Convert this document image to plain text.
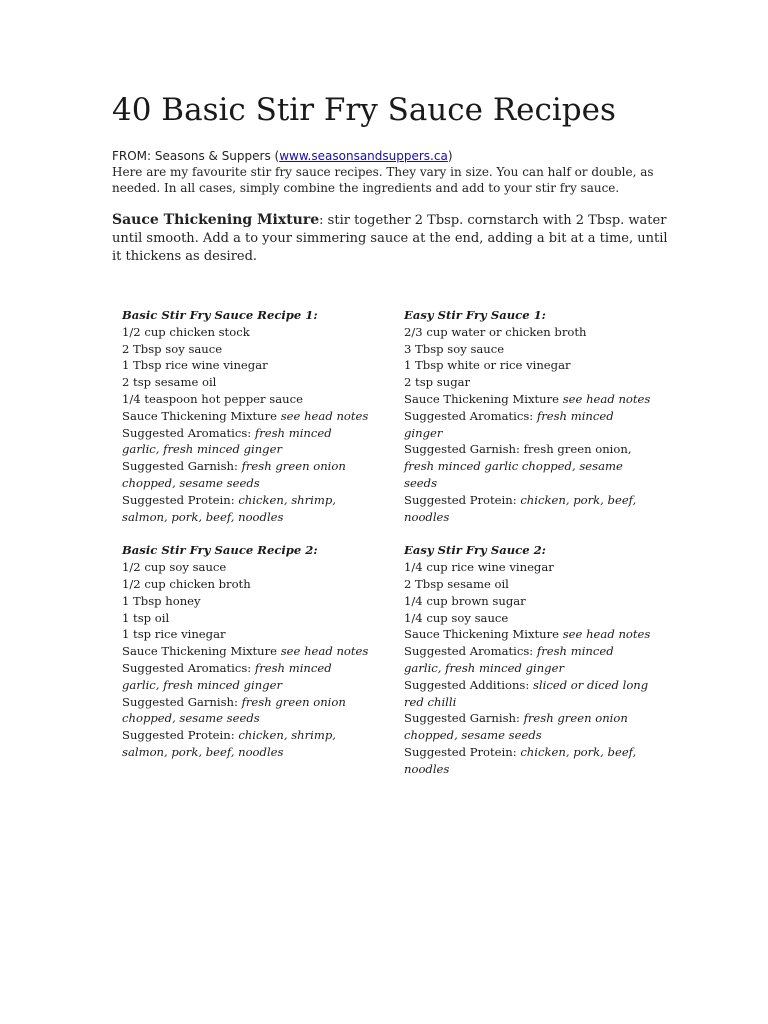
40 Basic Stir Fry Sauce Recipes
FROM: Seasons & Suppers (www.seasonsandsuppers.ca)
Here are my favourite stir fry sauce recipes. They vary in size. You can half or double, as needed. In all cases, simply combine the ingredients and add to your stir fry sauce.
Sauce Thickening Mixture: stir together 2 Tbsp. cornstarch with 2 Tbsp. water until smooth. Add a to your simmering sauce at the end, adding a bit at a time, until it thickens as desired.
Basic Stir Fry Sauce Recipe 1:
1/2 cup chicken stock
2 Tbsp soy sauce
1 Tbsp rice wine vinegar
2 tsp sesame oil
1/4 teaspoon hot pepper sauce
Sauce Thickening Mixture see head notes
Suggested Aromatics: fresh minced garlic, fresh minced ginger
Suggested Garnish: fresh green onion chopped, sesame seeds
Suggested Protein: chicken, shrimp, salmon, pork, beef, noodles
Basic Stir Fry Sauce Recipe 2:
1/2 cup soy sauce
1/2 cup chicken broth
1 Tbsp honey
1 tsp oil
1 tsp rice vinegar
Sauce Thickening Mixture see head notes
Suggested Aromatics: fresh minced garlic, fresh minced ginger
Suggested Garnish: fresh green onion chopped, sesame seeds
Suggested Protein: chicken, shrimp, salmon, pork, beef, noodles
Easy Stir Fry Sauce 1:
2/3 cup water or chicken broth
3 Tbsp soy sauce
1 Tbsp white or rice vinegar
2 tsp sugar
Sauce Thickening Mixture see head notes
Suggested Aromatics: fresh minced ginger
Suggested Garnish: fresh green onion, fresh minced garlic chopped, sesame seeds
Suggested Protein: chicken, pork, beef, noodles
Easy Stir Fry Sauce 2:
1/4 cup rice wine vinegar
2 Tbsp sesame oil
1/4 cup brown sugar
1/4 cup soy sauce
Sauce Thickening Mixture see head notes
Suggested Aromatics: fresh minced garlic, fresh minced ginger
Suggested Additions: sliced or diced long red chilli
Suggested Garnish: fresh green onion chopped, sesame seeds
Suggested Protein: chicken, pork, beef, noodles
